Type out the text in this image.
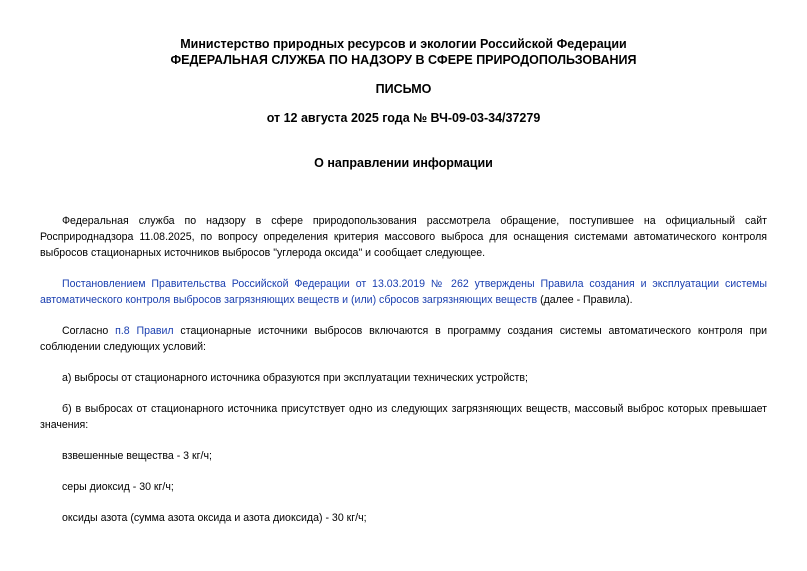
Министерство природных ресурсов и экологии Российской Федерации
ФЕДЕРАЛЬНАЯ СЛУЖБА ПО НАДЗОРУ В СФЕРЕ ПРИРОДОПОЛЬЗОВАНИЯ
ПИСЬМО
от 12 августа 2025 года № ВЧ-09-03-34/37279
О направлении информации

Федеральная служба по надзору в сфере природопользования рассмотрела обращение, поступившее на официальный сайт Росприроднадзора 11.08.2025, по вопросу определения критерия массового выброса для оснащения системами автоматического контроля выбросов стационарных источников выбросов "углерода оксида" и сообщает следующее.

Постановлением Правительства Российской Федерации от 13.03.2019 № 262 утверждены Правила создания и эксплуатации системы автоматического контроля выбросов загрязняющих веществ и (или) сбросов загрязняющих веществ (далее - Правила).

Согласно п.8 Правил стационарные источники выбросов включаются в программу создания системы автоматического контроля при соблюдении следующих условий:

а) выбросы от стационарного источника образуются при эксплуатации технических устройств;

б) в выбросах от стационарного источника присутствует одно из следующих загрязняющих веществ, массовый выброс которых превышает значения:

взвешенные вещества - 3 кг/ч;

серы диоксид - 30 кг/ч;

оксиды азота (сумма азота оксида и азота диоксида) - 30 кг/ч;
